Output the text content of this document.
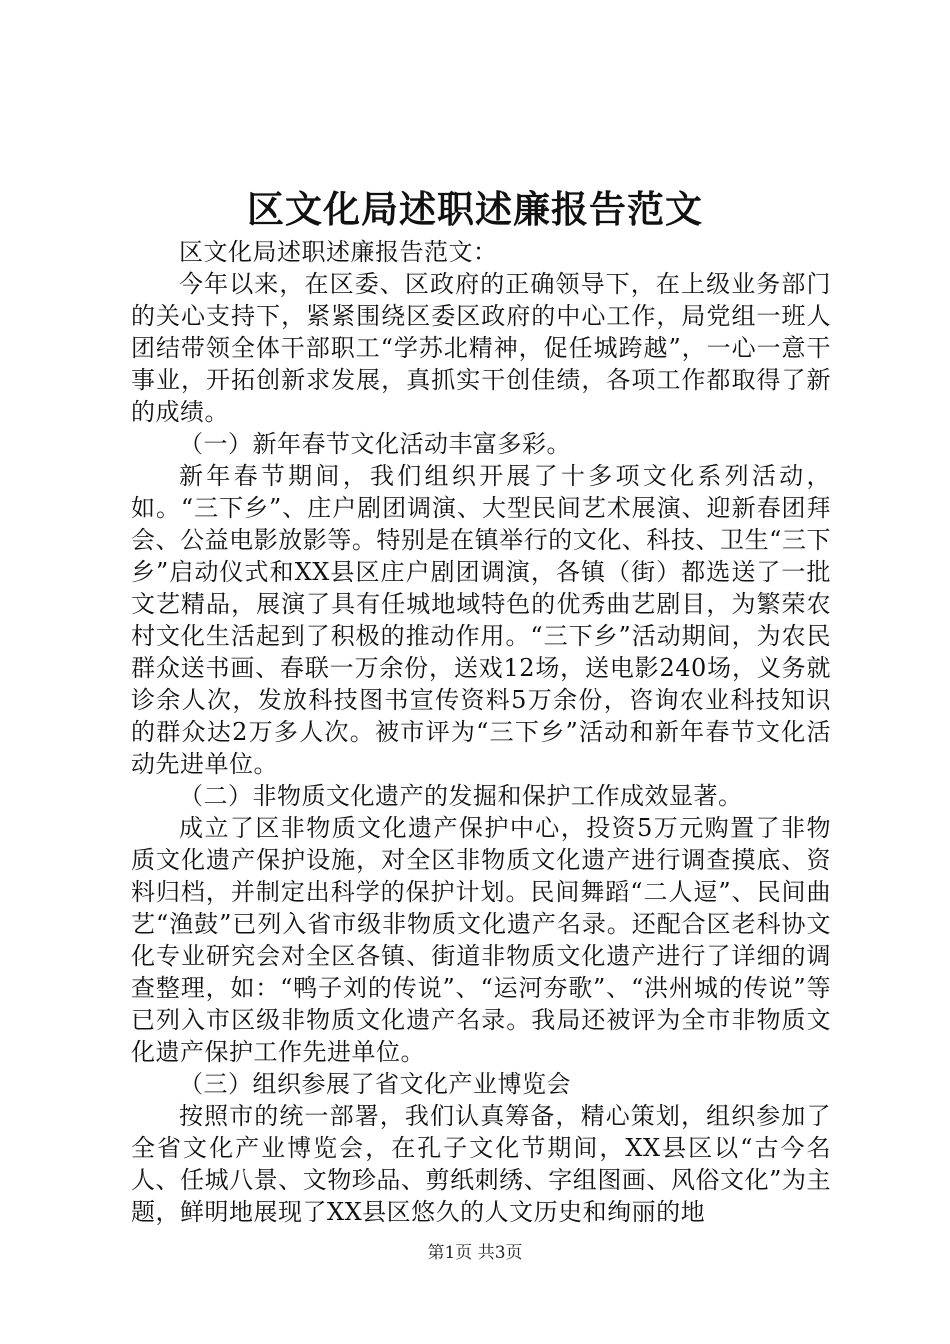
区文化局述职述廉报告范文

区文化局述职述廉报告范文：

今年以来，在区委、区政府的正确领导下，在上级业务部门的关心支持下，紧紧围绕区委区政府的中心工作，局党组一班人团结带领全体干部职工“学苏北精神，促任城跨越”，一心一意干事业，开拓创新求发展，真抓实干创佳绩，各项工作都取得了新的成绩。

（一）新年春节文化活动丰富多彩。

新年春节期间，我们组织开展了十多项文化系列活动，如。“三下乡”、庄户剧团调演、大型民间艺术展演、迎新春团拜会、公益电影放影等。特别是在镇举行的文化、科技、卫生“三下乡”启动仪式和XX县区庄户剧团调演，各镇（街）都选送了一批文艺精品，展演了具有任城地域特色的优秀曲艺剧目，为繁荣农村文化生活起到了积极的推动作用。“三下乡”活动期间，为农民群众送书画、春联一万余份，送戏12场，送电影240场，义务就诊余人次，发放科技图书宣传资料5万余份，咨询农业科技知识的群众达2万多人次。被市评为“三下乡”活动和新年春节文化活动先进单位。

（二）非物质文化遗产的发掘和保护工作成效显著。

成立了区非物质文化遗产保护中心，投资5万元购置了非物质文化遗产保护设施，对全区非物质文化遗产进行调查摸底、资料归档，并制定出科学的保护计划。民间舞蹈“二人逗”、民间曲艺“渔鼓”已列入省市级非物质文化遗产名录。还配合区老科协文化专业研究会对全区各镇、街道非物质文化遗产进行了详细的调查整理，如：“鸭子刘的传说”、“运河夯歌”、“洪州城的传说”等已列入市区级非物质文化遗产名录。我局还被评为全市非物质文化遗产保护工作先进单位。

（三）组织参展了省文化产业博览会

按照市的统一部署，我们认真筹备，精心策划，组织参加了全省文化产业博览会，在孔子文化节期间，XX县区以“古今名人、任城八景、文物珍品、剪纸刺绣、字组图画、风俗文化”为主题，鲜明地展现了XX县区悠久的人文历史和绚丽的地

第1页 共3页
